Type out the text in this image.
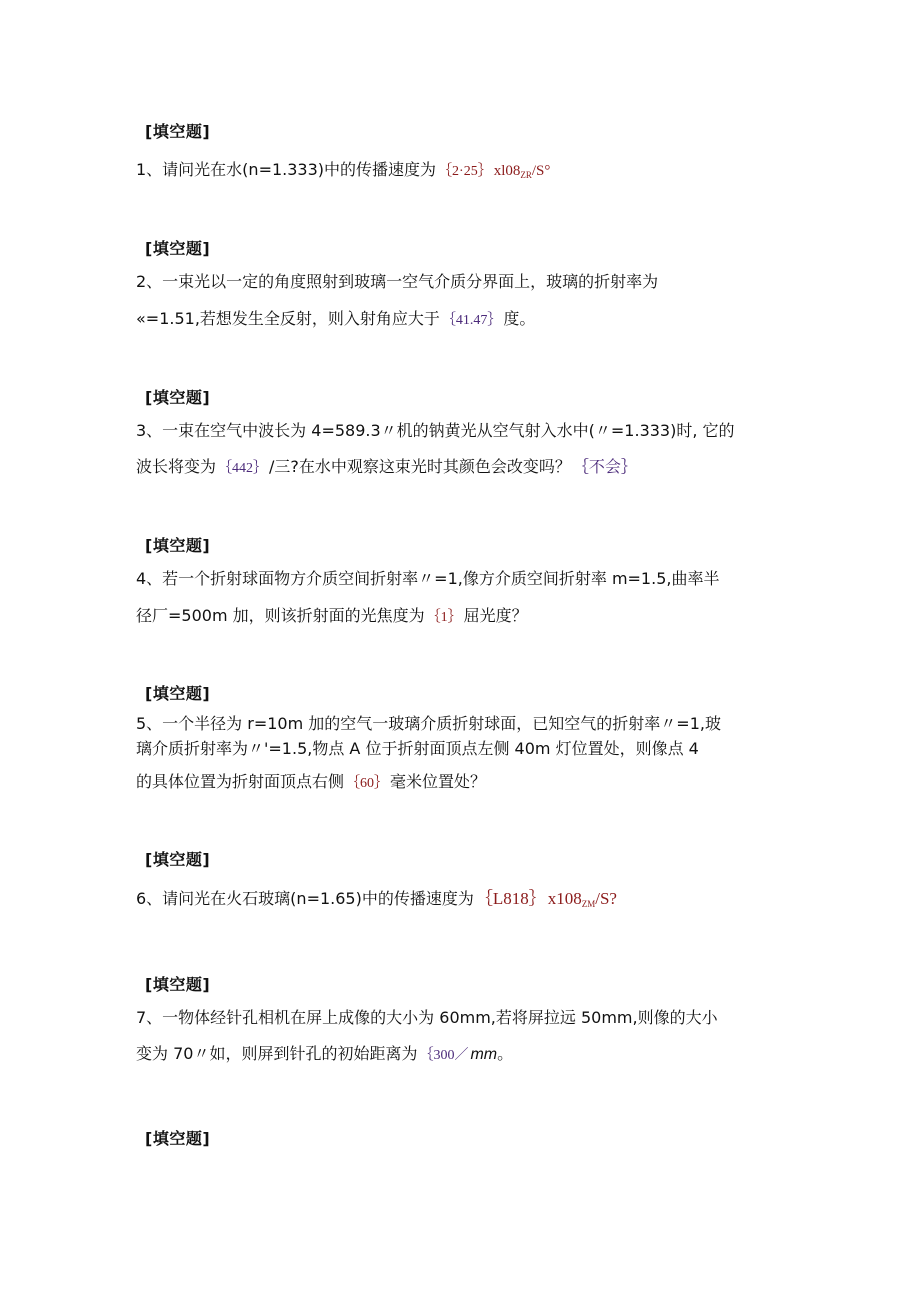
[填空题]
1、请问光在水(n=1.333)中的传播速度为 ｛2·25｝ $xl08_{ZR}/S^\circ$
[填空题]
2、一束光以一定的角度照射到玻璃一空气介质分界面上，玻璃的折射率为
«=1.51,若想发生全反射，则入射角应大于 ｛41.47｝ 度。
[填空题]
3、一束在空气中波长为 4=589.3〃机的钠黄光从空气射入水中(〃=1.333)时, 它的
波长将变为 ｛442｝ /三?在水中观察这束光时其颜色会改变吗？ ｛不会｝
[填空题]
4、若一个折射球面物方介质空间折射率〃=1,像方介质空间折射率 m=1.5,曲率半
径厂=500m 加，则该折射面的光焦度为 ｛1｝ 屈光度？
[填空题]
5、一个半径为 r=10m 加的空气一玻璃介质折射球面，已知空气的折射率〃=1,玻
璃介质折射率为〃'=1.5,物点 A 位于折射面顶点左侧 40m 灯位置处，则像点 4
的具体位置为折射面顶点右侧 ｛60｝ 毫米位置处？
[填空题]
6、请问光在火石玻璃(n=1.65)中的传播速度为 ｛L818｝ $x108_{ZM}/S$?
[填空题]
7、一物体经针孔相机在屏上成像的大小为 60mm,若将屏拉远 50mm,则像的大小
变为 70〃如，则屏到针孔的初始距离为 ｛300／ mm。
[填空题]
